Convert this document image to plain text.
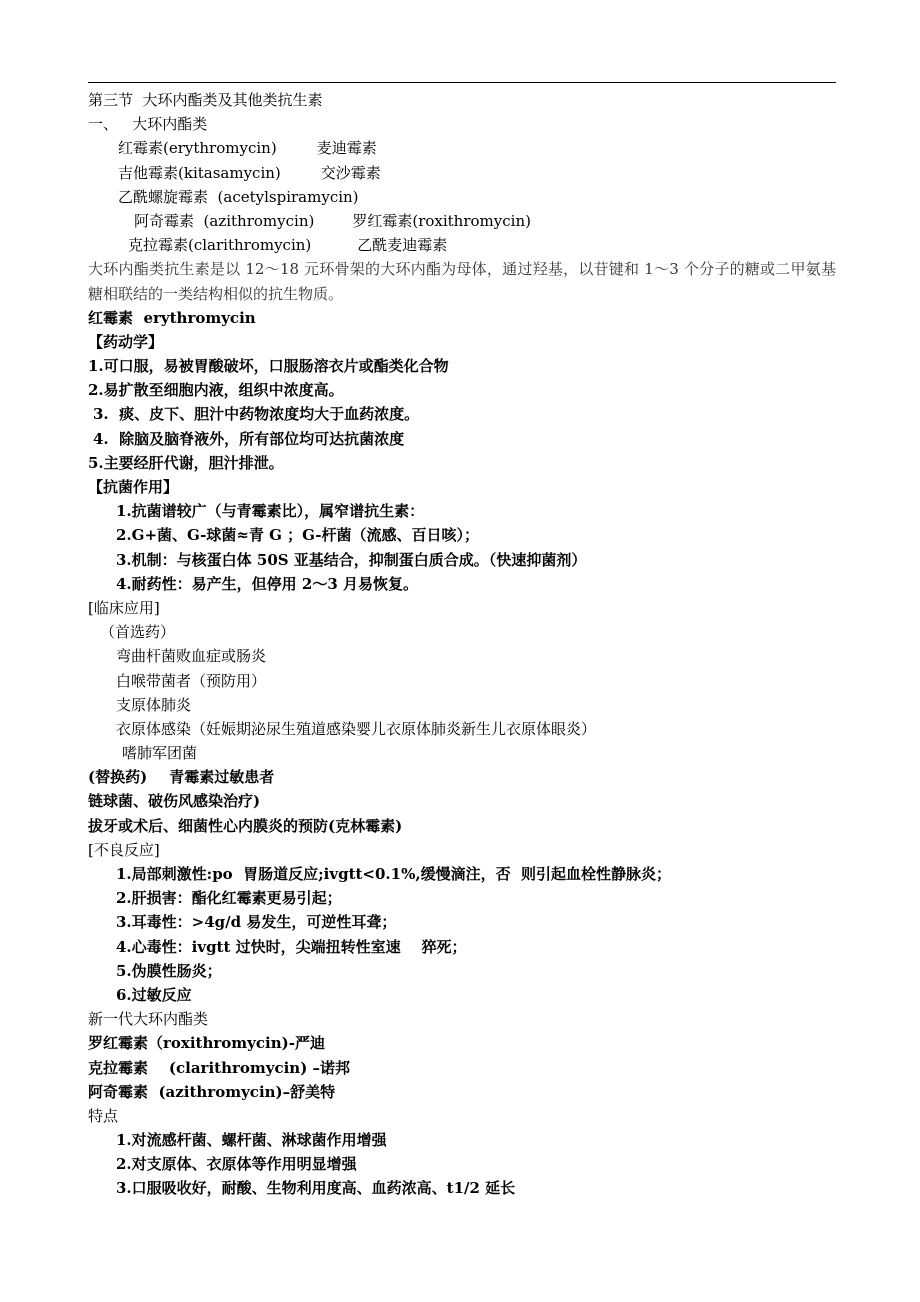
第三节  大环内酯类及其他类抗生素
一、   大环内酯类
红霉素(erythromycin)	麦迪霉素
吉他霉素(kitasamycin)	交沙霉素
乙酰螺旋霉素  (acetylspiramycin)
阿奇霉素  (azithromycin)	罗红霉素(roxithromycin)
克拉霉素(clarithromycin)	乙酰麦迪霉素
大环内酯类抗生素是以 12～18 元环骨架的大环内酯为母体，通过羟基，以苷键和 1～3 个分子的糖或二甲氨基糖相联结的一类结构相似的抗生物质。
红霉素  erythromycin
【药动学】
1.可口服，易被胃酸破坏，口服肠溶衣片或酯类化合物
2.易扩散至细胞内液，组织中浓度高。
3.  痰、皮下、胆汁中药物浓度均大于血药浓度。
4.  除脑及脑脊液外，所有部位均可达抗菌浓度
5.主要经肝代谢，胆汁排泄。
【抗菌作用】
1.抗菌谱较广（与青霉素比），属窄谱抗生素：
2.G+菌、G-球菌≈青 G ；G-杆菌（流感、百日咳）；
3.机制：与核蛋白体 50S 亚基结合，抑制蛋白质合成。（快速抑菌剂）
4.耐药性：易产生，但停用 2～3 月易恢复。
[临床应用]
（首选药）
弯曲杆菌败血症或肠炎
白喉带菌者（预防用）
支原体肺炎
衣原体感染（妊娠期泌尿生殖道感染婴儿衣原体肺炎新生儿衣原体眼炎）
嗜肺军团菌
(替换药) 青霉素过敏患者
链球菌、破伤风感染治疗)
拔牙或术后、细菌性心内膜炎的预防(克林霉素)
[不良反应]
1.局部刺激性:po  胃肠道反应;ivgtt<0.1%,缓慢滴注，否  则引起血栓性静脉炎；
2.肝损害：酯化红霉素更易引起；
3.耳毒性：>4g/d 易发生，可逆性耳聋；
4.心毒性：ivgtt 过快时，尖端扭转性室速    猝死；
5.伪膜性肠炎；
6.过敏反应
新一代大环内酯类
罗红霉素（roxithromycin)-严迪
克拉霉素    (clarithromycin) –诺邦
阿奇霉素  (azithromycin)–舒美特
特点
1.对流感杆菌、螺杆菌、淋球菌作用增强
2.对支原体、衣原体等作用明显增强
3.口服吸收好，耐酸、生物利用度高、血药浓高、t1/2 延长
